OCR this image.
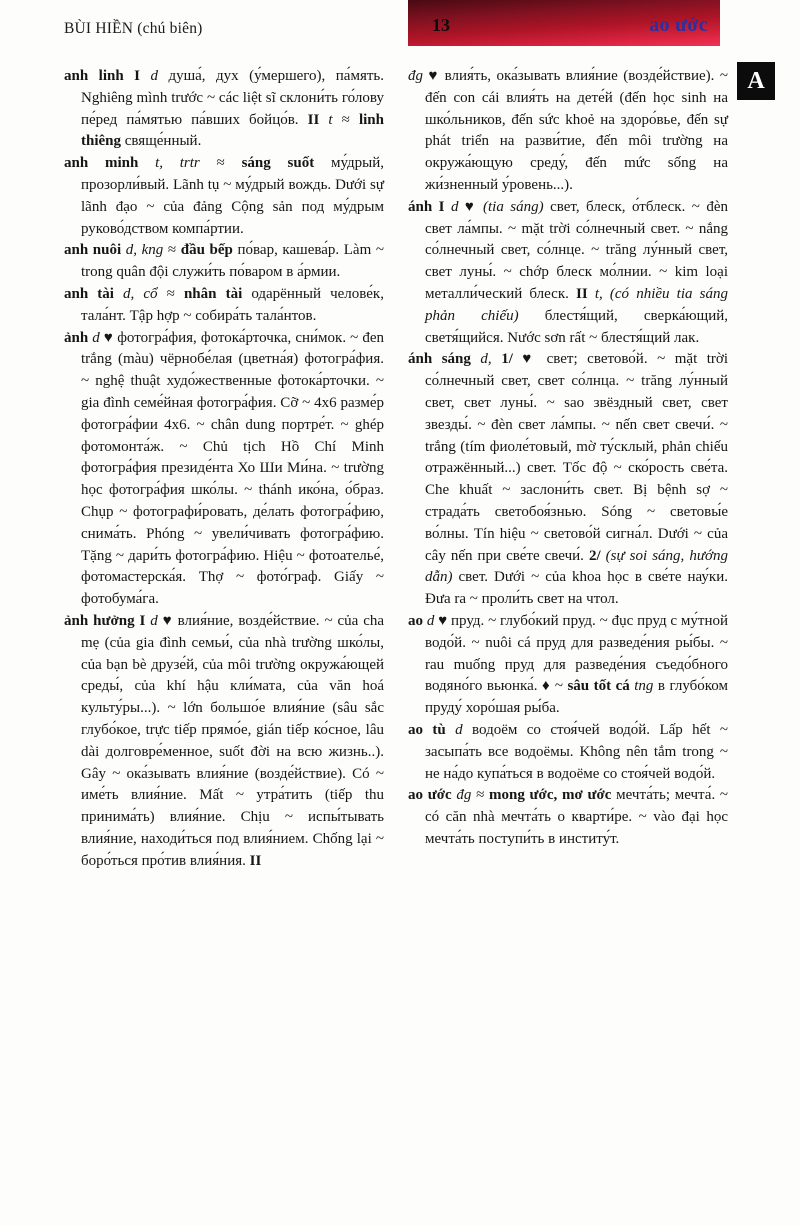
BÙI HIỀN (chú biên)	13	ao ước
A

anh linh I d душа́, дух (у́мершего), па́мять. Nghiêng mình trước ~ các liệt sĩ склони́ть го́лову пе́ред па́мятью па́вших бойцо́в. II t ≈ linh thiêng свяще́нный.

anh minh t, trtr ≈ sáng suốt му́дрый, прозорли́вый. Lãnh tụ ~ му́дрый вождь. Dưới sự lãnh đạo ~ của đảng Cộng sản под му́дрым руково́дством компа́ртии.

anh nuôi d, kng ≈ đầu bếp по́вар, кашева́р. Làm ~ trong quân đội служи́ть по́варом в а́рмии.

anh tài d, cổ ≈ nhân tài одарённый челове́к, тала́нт. Tập hợp ~ собира́ть тала́нтов.

ảnh d ♥ фотогра́фия, фотока́рточка, сни́мок. ~ đen trắng (màu) чёрнобе́лая (цветна́я) фотогра́фия. ~ nghệ thuật худо́жественные фотока́рточки. ~ gia đình семе́йная фотогра́фия. Cỡ ~ 4x6 разме́р фотогра́фии 4x6. ~ chân dung портре́т. ~ ghép фотомонта́ж. ~ Chủ tịch Hồ Chí Minh фотогра́фия президе́нта Хо Ши Ми́на. ~ trường học фотогра́фия шко́лы. ~ thánh ико́на, о́браз. Chụp ~ фотографи́ровать, де́лать фотогра́фию, снима́ть. Phóng ~ увели́чивать фотогра́фию. Tặng ~ дари́ть фотогра́фию. Hiệu ~ фотоателье́, фотомастерска́я. Thợ ~ фото́граф. Giấy ~ фотобума́га.

ảnh hưởng I d ♥ влия́ние, возде́йствие. ~ của cha mẹ (của gia đình семьи́, của nhà trường шко́лы, của bạn bè друзе́й, của môi trường окружа́ющей среды́, của khí hậu кли́мата, của văn hoá культу́ры...). ~ lớn большо́е влия́ние (sâu sắc глубо́кое, trực tiếp прямо́е, gián tiếp ко́сное, lâu dài долговре́менное, suốt đời на всю жизнь..). Gây ~ ока́зывать влия́ние (возде́йствие). Có ~ име́ть влия́ние. Mất ~ утра́тить (tiếp thu принима́ть) влия́ние. Chịu ~ испы́тывать влия́ние, находи́ться под влия́нием. Chống lại ~ боро́ться про́тив влия́ния. II

đg ♥ влия́ть, ока́зывать влия́ние (возде́йствие). ~ đến con cái влия́ть на дете́й (đến học sinh на шко́льников, đến sức khoẻ на здоро́вье, đến sự phát triển на разви́тие, đến môi trường на окружа́ющую среду́, đến mức sống на жи́зненный у́ровень...).

ánh I d ♥ (tia sáng) свет, блеск, о́тблеск. ~ đèn свет ла́мпы. ~ mặt trời со́лнечный свет. ~ nắng со́лнечный свет, со́лнце. ~ trăng лу́нный свет, свет луны́. ~ chớp блеск мо́лнии. ~ kim loại металли́ческий блеск. II t, (có nhiều tia sáng phản chiếu) блестя́щий, сверка́ющий, светя́щийся. Nước sơn rất ~ блестя́щий лак.

ánh sáng d, 1/ ♥ свет; светово́й. ~ mặt trời со́лнечный свет, свет со́лнца. ~ trăng лу́нный свет, свет луны́. ~ sao звёздный свет, свет звезды́. ~ đèn свет ла́мпы. ~ nến свет свечи́. ~ trắng (tím фиоле́товый, mờ ту́склый, phản chiếu отражённый...) свет. Tốc độ ~ ско́рость све́та. Che khuất ~ заслони́ть свет. Bị bệnh sợ ~ страда́ть светобоя́знью. Sóng ~ световы́е во́лны. Tín hiệu ~ светово́й сигна́л. Dưới ~ của cây nến при све́те свечи́. 2/ (sự soi sáng, hướng dẫn) свет. Dưới ~ của khoa học в све́те нау́ки. Đưa ra ~ проли́ть свет на чтол.

ao d ♥ пруд. ~ глубо́кий пруд. ~ đục пруд с му́тной водо́й. ~ nuôi cá пруд для разведе́ния ры́бы. ~ rau muống пруд для разведе́ния съедо́бного водяно́го вьюнка́. ♦ ~ sâu tốt cá tng в глубо́ком пруду́ хоро́шая ры́ба.

ao tù d водоём со стоя́чей водо́й. Lấp hết ~ засыпа́ть все водоёмы. Không nên tắm trong ~ не на́до купа́ться в водоёме со стоя́чей водо́й.

ao ước đg ≈ mong ước, mơ ước мечта́ть; мечта́. ~ có căn nhà мечта́ть о кварти́ре. ~ vào đại học мечта́ть поступи́ть в институ́т.
